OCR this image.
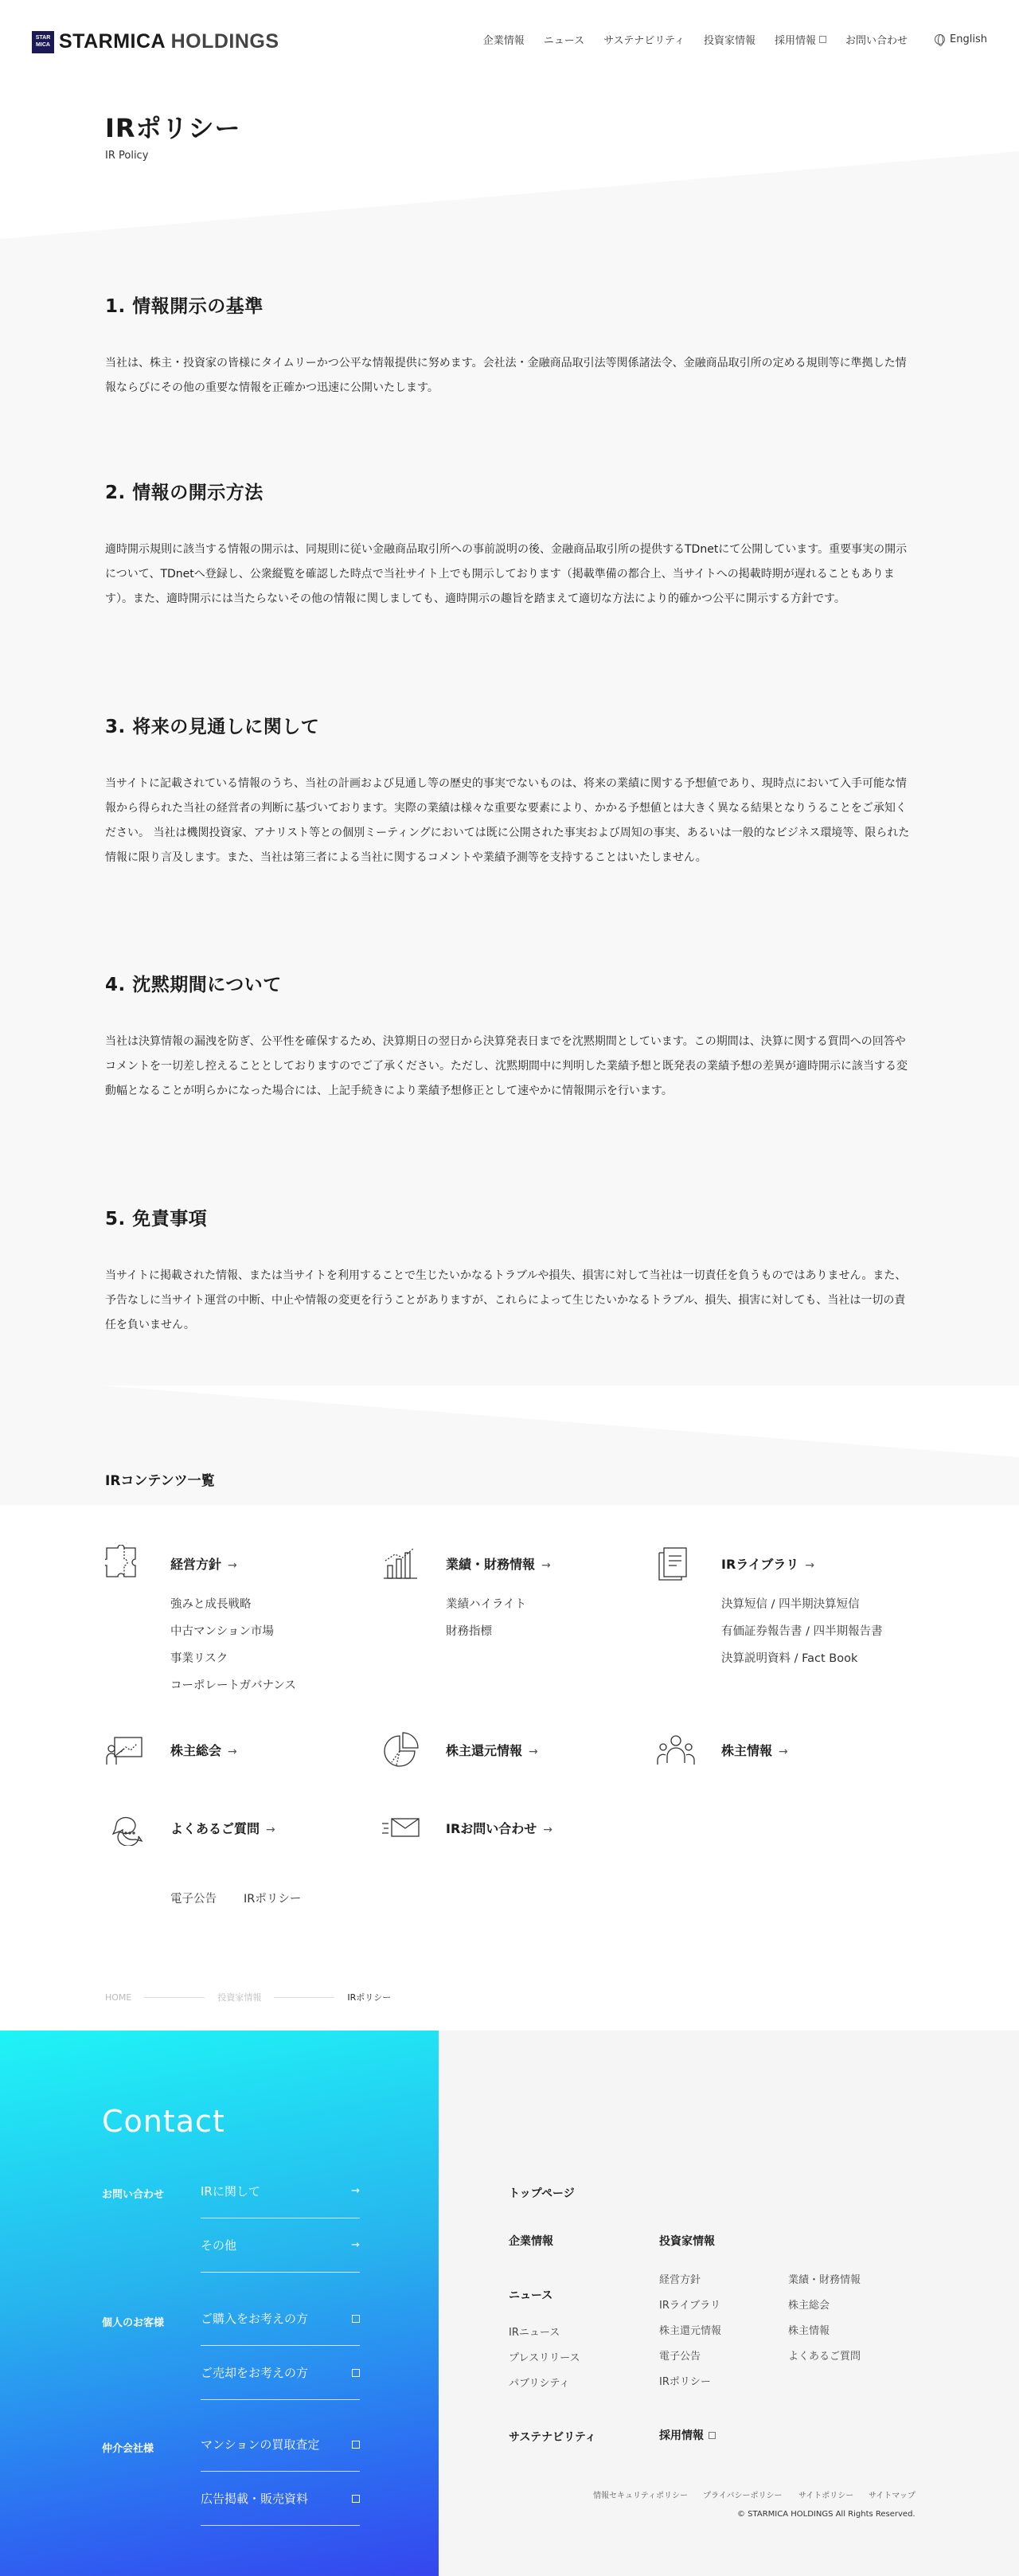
STAR MICA STARMICA HOLDINGS	企業情報 ニュース サステナビリティ 投資家情報 採用情報	お問い合わせ	English
IRポリシー
IR Policy
1. 情報開示の基準

当社は、株主・投資家の皆様にタイムリーかつ公平な情報提供に努めます。会社法・金融商品取引法等関係諸法令、金融商品取引所の定める規則等に準拠した情報ならびにその他の重要な情報を正確かつ迅速に公開いたします。

2. 情報の開示方法

適時開示規則に該当する情報の開示は、同規則に従い金融商品取引所への事前説明の後、金融商品取引所の提供するTDnetにて公開しています。重要事実の開示について、TDnetへ登録し、公衆縦覧を確認した時点で当社サイト上でも開示しております（掲載準備の都合上、当サイトへの掲載時期が遅れることもあります）。また、適時開示には当たらないその他の情報に関しましても、適時開示の趣旨を踏まえて適切な方法により的確かつ公平に開示する方針です。

3. 将来の見通しに関して

当サイトに記載されている情報のうち、当社の計画および見通し等の歴史的事実でないものは、将来の業績に関する予想値であり、現時点において入手可能な情報から得られた当社の経営者の判断に基づいております。実際の業績は様々な重要な要素により、かかる予想値とは大きく異なる結果となりうることをご承知ください。 当社は機関投資家、アナリスト等との個別ミーティングにおいては既に公開された事実および周知の事実、あるいは一般的なビジネス環境等、限られた情報に限り言及します。また、当社は第三者による当社に関するコメントや業績予測等を支持することはいたしません。

4. 沈黙期間について

当社は決算情報の漏洩を防ぎ、公平性を確保するため、決算期日の翌日から決算発表日までを沈黙期間としています。この期間は、決算に関する質問への回答やコメントを一切差し控えることとしておりますのでご了承ください。ただし、沈黙期間中に判明した業績予想と既発表の業績予想の差異が適時開示に該当する変動幅となることが明らかになった場合には、上記手続きにより業績予想修正として速やかに情報開示を行います。

5. 免責事項

当サイトに掲載された情報、または当サイトを利用することで生じたいかなるトラブルや損失、損害に対して当社は一切責任を負うものではありません。また、予告なしに当サイト運営の中断、中止や情報の変更を行うことがありますが、これらによって生じたいかなるトラブル、損失、損害に対しても、当社は一切の責任を負いません。

IRコンテンツ一覧
経営方針 →
強みと成長戦略
中古マンション市場
事業リスク
コーポレートガバナンス
業績・財務情報 →
業績ハイライト
財務指標
IRライブラリ →
決算短信 / 四半期決算短信
有価証券報告書 / 四半期報告書
決算説明資料 / Fact Book
株主総会 →	株主還元情報 →	株主情報 →
よくあるご質問 →	IRお問い合わせ →
電子公告 IRポリシー
HOME	投資家情報	IRポリシー
Contact
お問い合わせ	IRに関して	→
その他	→
個人のお客様	ご購入をお考えの方
ご売却をお考えの方
仲介会社様	マンションの買取査定
広告掲載・販売資料
トップページ
企業情報
ニュース
IRニュース
プレスリリース
パブリシティ
サステナビリティ
投資家情報
経営方針
IRライブラリ
株主還元情報
電子公告
IRポリシー
業績・財務情報
株主総会
株主情報
よくあるご質問
採用情報
情報セキュリティポリシー プライバシーポリシー サイトポリシー サイトマップ
© STARMICA HOLDINGS All Rights Reserved.
